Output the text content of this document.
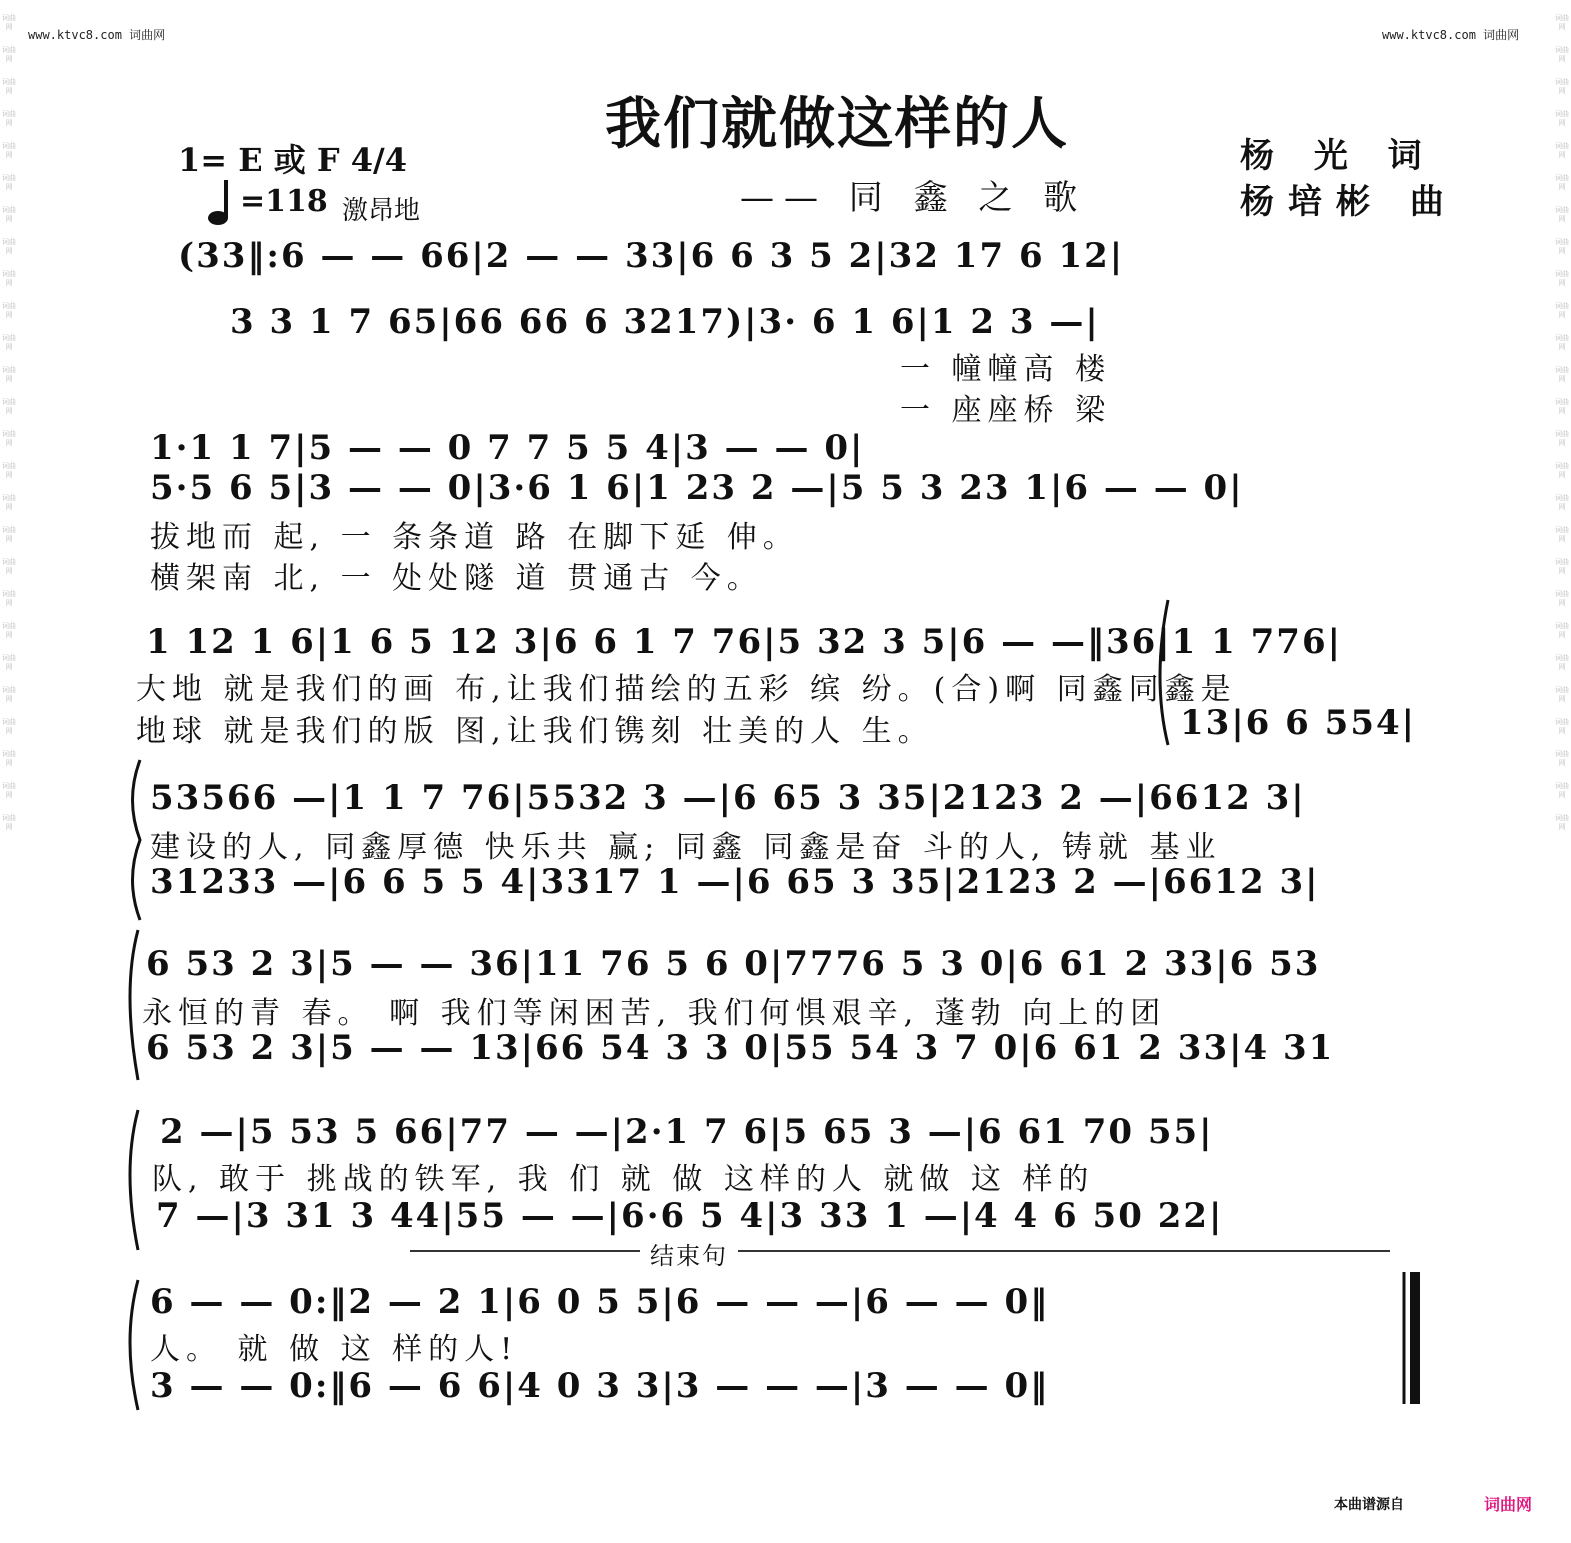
词曲网
词曲网
词曲网
词曲网
词曲网
词曲网
词曲网
词曲网
词曲网
词曲网
词曲网
词曲网
词曲网
词曲网
词曲网
词曲网
词曲网
词曲网
词曲网
词曲网
词曲网
词曲网
词曲网
词曲网
词曲网
词曲网
词曲网
词曲网
词曲网
词曲网
词曲网
词曲网
词曲网
词曲网
词曲网
词曲网
词曲网
词曲网
词曲网
词曲网
词曲网
词曲网
词曲网
词曲网
词曲网
词曲网
词曲网
词曲网
词曲网
词曲网
词曲网
词曲网
www.ktvc8.com 词曲网	www.ktvc8.com 词曲网
我们就做这样的人
—— 同 鑫 之 歌
杨 光 词
杨培彬 曲
1= E 或 F 4/4
=118 激昂地
(33‖:6 — — 66|2 — — 33|6 6 3 5 2|32 17 6 12|
3 3 1 7 65|66 66 6 3217)|3· 6 1 6|1 2 3 —|
一 幢幢高 楼
一 座座桥 梁
1·1 1 7|5 — — 0 7 7 5 5 4|3 — — 0|
5·5 6 5|3 — — 0|3·6 1 6|1 23 2 —|5 5 3 23 1|6 — — 0|
拔地而 起, 一 条条道 路 在脚下延 伸。
横架南 北, 一 处处隧 道 贯通古 今。
1 12 1 6|1 6 5 12 3|6 6 1 7 76|5 32 3 5|6 — —‖36|1 1 776|
大地 就是我们的画 布,让我们描绘的五彩 缤 纷。(合)啊 同鑫同鑫是
地球 就是我们的版 图,让我们镌刻 壮美的人 生。	13|6 6 554|
53566 —|1 1 7 76|5532 3 —|6 65 3 35|2123 2 —|6612 3|
建设的人, 同鑫厚德 快乐共 赢; 同鑫 同鑫是奋 斗的人, 铸就 基业
31233 —|6 6 5 5 4|3317 1 —|6 65 3 35|2123 2 —|6612 3|
6 53 2 3|5 — — 36|11 76 5 6 0|7776 5 3 0|6 61 2 33|6 53
永恒的青 春。 啊 我们等闲困苦, 我们何惧艰辛, 蓬勃 向上的团
6 53 2 3|5 — — 13|66 54 3 3 0|55 54 3 7 0|6 61 2 33|4 31
2 —|5 53 5 66|77 — —|2·1 7 6|5 65 3 —|6 61 70 55|
队, 敢于 挑战的铁军, 我 们 就 做 这样的人 就做 这 样的
7 —|3 31 3 44|55 — —|6·6 5 4|3 33 1 —|4 4 6 50 22|
结束句
6 — — 0:‖2 — 2 1|6 0 5 5|6 — — —|6 — — 0‖
人。 就 做 这 样的人!
3 — — 0:‖6 — 6 6|4 0 3 3|3 — — —|3 — — 0‖
本曲谱源自	词曲网
